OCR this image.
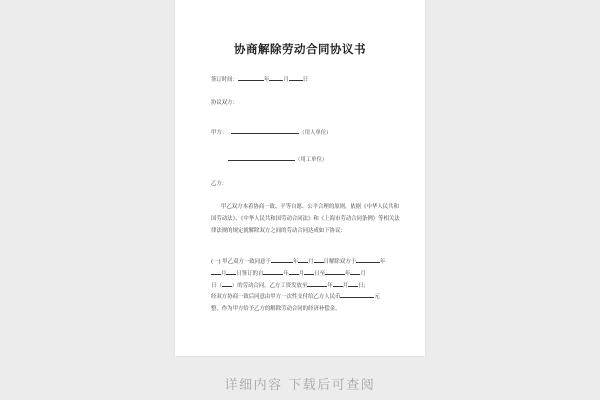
协商解除劳动合同协议书
签订时间：	年	月	日
协议双方：
甲方：	（用人单位）
（用工单位）
乙方：
甲乙双方本着协商一致、平等自愿、公平合理的原则，依据《中华人民共和
国劳动法》、《中华人民共和国劳动合同法》和《上海市劳动合同条例》等相关法
律法规的规定就解除双方之间的劳动合同达成如下协议：
(一) 甲乙双方一致同意于	年 月 日解除双方于	年
月 日签订的自	年 月 日至	年 月
日（ ）的劳动合同。乙方工资发放至	年 月 日；
经双方协商一致后同意由甲方一次性支付给乙方人民币	元
整，作为甲方给予乙方的解除劳动合同的经济补偿金。
详细内容 下载后可查阅
